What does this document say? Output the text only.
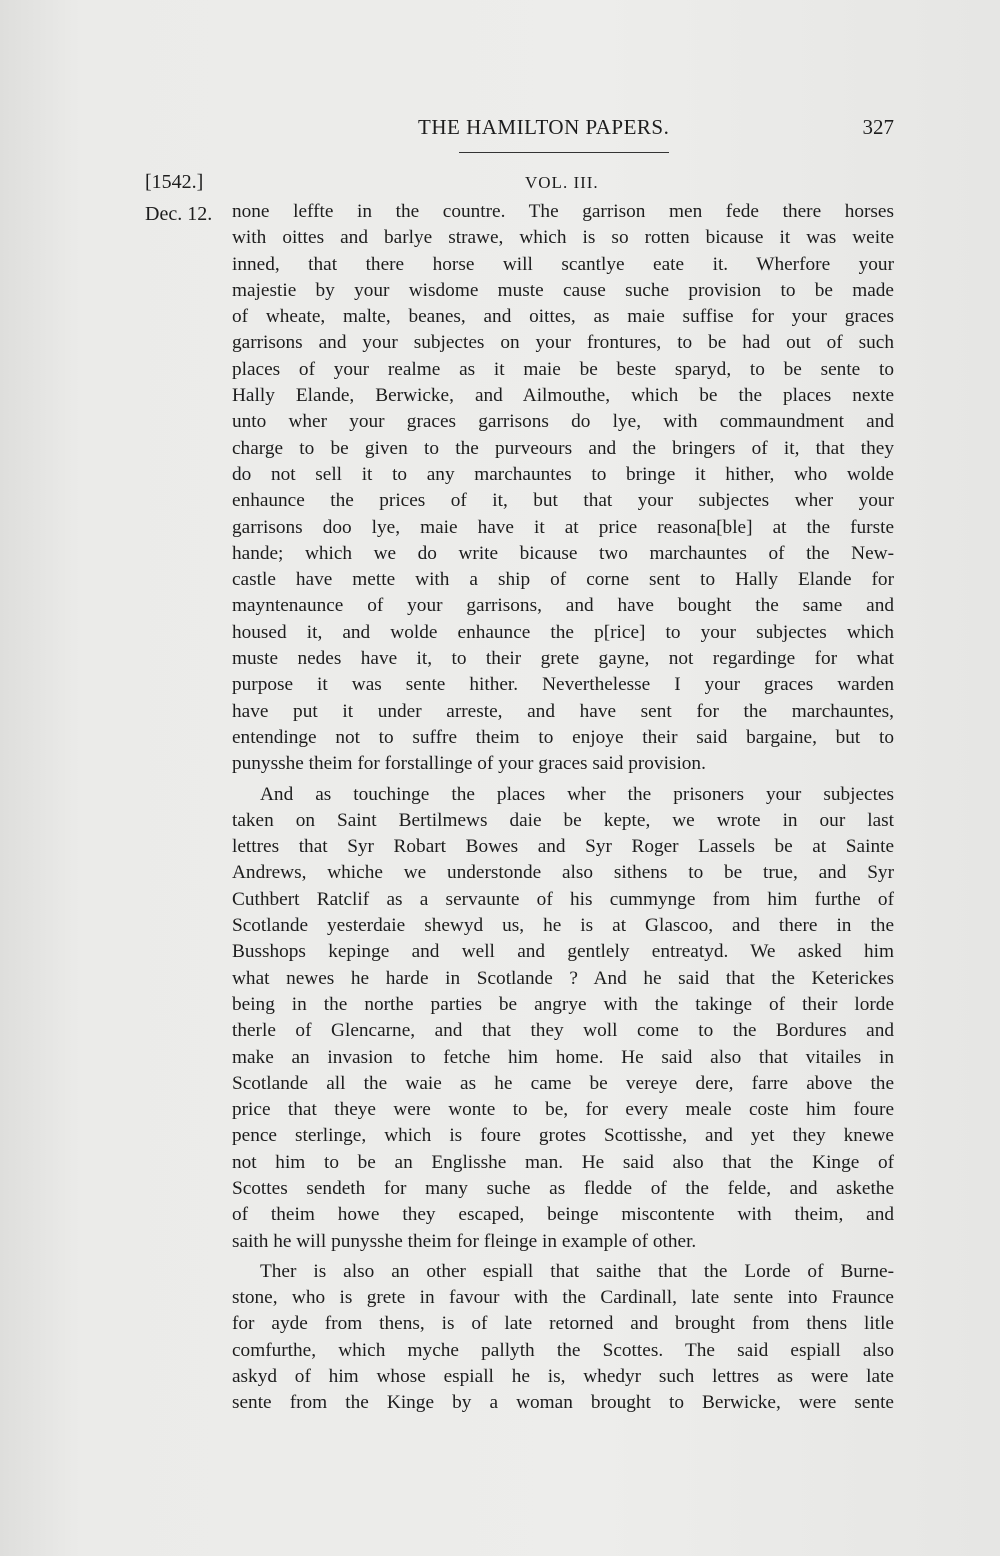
THE HAMILTON PAPERS.	327
[1542.]	VOL. III.
Dec. 12. none leffte in the countre. The garrison men fede there horses
with oittes and barlye strawe, which is so rotten bicause it was weite
inned, that there horse will scantlye eate it. Wherfore your
majestie by your wisdome muste cause suche provision to be made
of wheate, malte, beanes, and oittes, as maie suffise for your graces
garrisons and your subjectes on your frontures, to be had out of such
places of your realme as it maie be beste sparyd, to be sente to
Hally Elande, Berwicke, and Ailmouthe, which be the places nexte
unto wher your graces garrisons do lye, with commaundment and
charge to be given to the purveours and the bringers of it, that they
do not sell it to any marchauntes to bringe it hither, who wolde
enhaunce the prices of it, but that your subjectes wher your
garrisons doo lye, maie have it at price reasona[ble] at the furste
hande; which we do write bicause two marchauntes of the New-
castle have mette with a ship of corne sent to Hally Elande for
mayntenaunce of your garrisons, and have bought the same and
housed it, and wolde enhaunce the p[rice] to your subjectes which
muste nedes have it, to their grete gayne, not regardinge for what
purpose it was sente hither. Neverthelesse I your graces warden
have put it under arreste, and have sent for the marchauntes,
entendinge not to suffre theim to enjoye their said bargaine, but to
punysshe theim for forstallinge of your graces said provision.
And as touchinge the places wher the prisoners your subjectes
taken on Saint Bertilmews daie be kepte, we wrote in our last
lettres that Syr Robart Bowes and Syr Roger Lassels be at Sainte
Andrews, whiche we understonde also sithens to be true, and Syr
Cuthbert Ratclif as a servaunte of his cummynge from him furthe of
Scotlande yesterdaie shewyd us, he is at Glascoo, and there in the
Busshops kepinge and well and gentlely entreatyd. We asked him
what newes he harde in Scotlande ? And he said that the Keterickes
being in the northe parties be angrye with the takinge of their lorde
therle of Glencarne, and that they woll come to the Bordures and
make an invasion to fetche him home. He said also that vitailes in
Scotlande all the waie as he came be vereye dere, farre above the
price that theye were wonte to be, for every meale coste him foure
pence sterlinge, which is foure grotes Scottisshe, and yet they knewe
not him to be an Englisshe man. He said also that the Kinge of
Scottes sendeth for many suche as fledde of the felde, and askethe
of theim howe they escaped, beinge miscontente with theim, and
saith he will punysshe theim for fleinge in example of other.
Ther is also an other espiall that saithe that the Lorde of Burne-
stone, who is grete in favour with the Cardinall, late sente into Fraunce
for ayde from thens, is of late retorned and brought from thens litle
comfurthe, which myche pallyth the Scottes. The said espiall also
askyd of him whose espiall he is, whedyr such lettres as were late
sente from the Kinge by a woman brought to Berwicke, were sente
